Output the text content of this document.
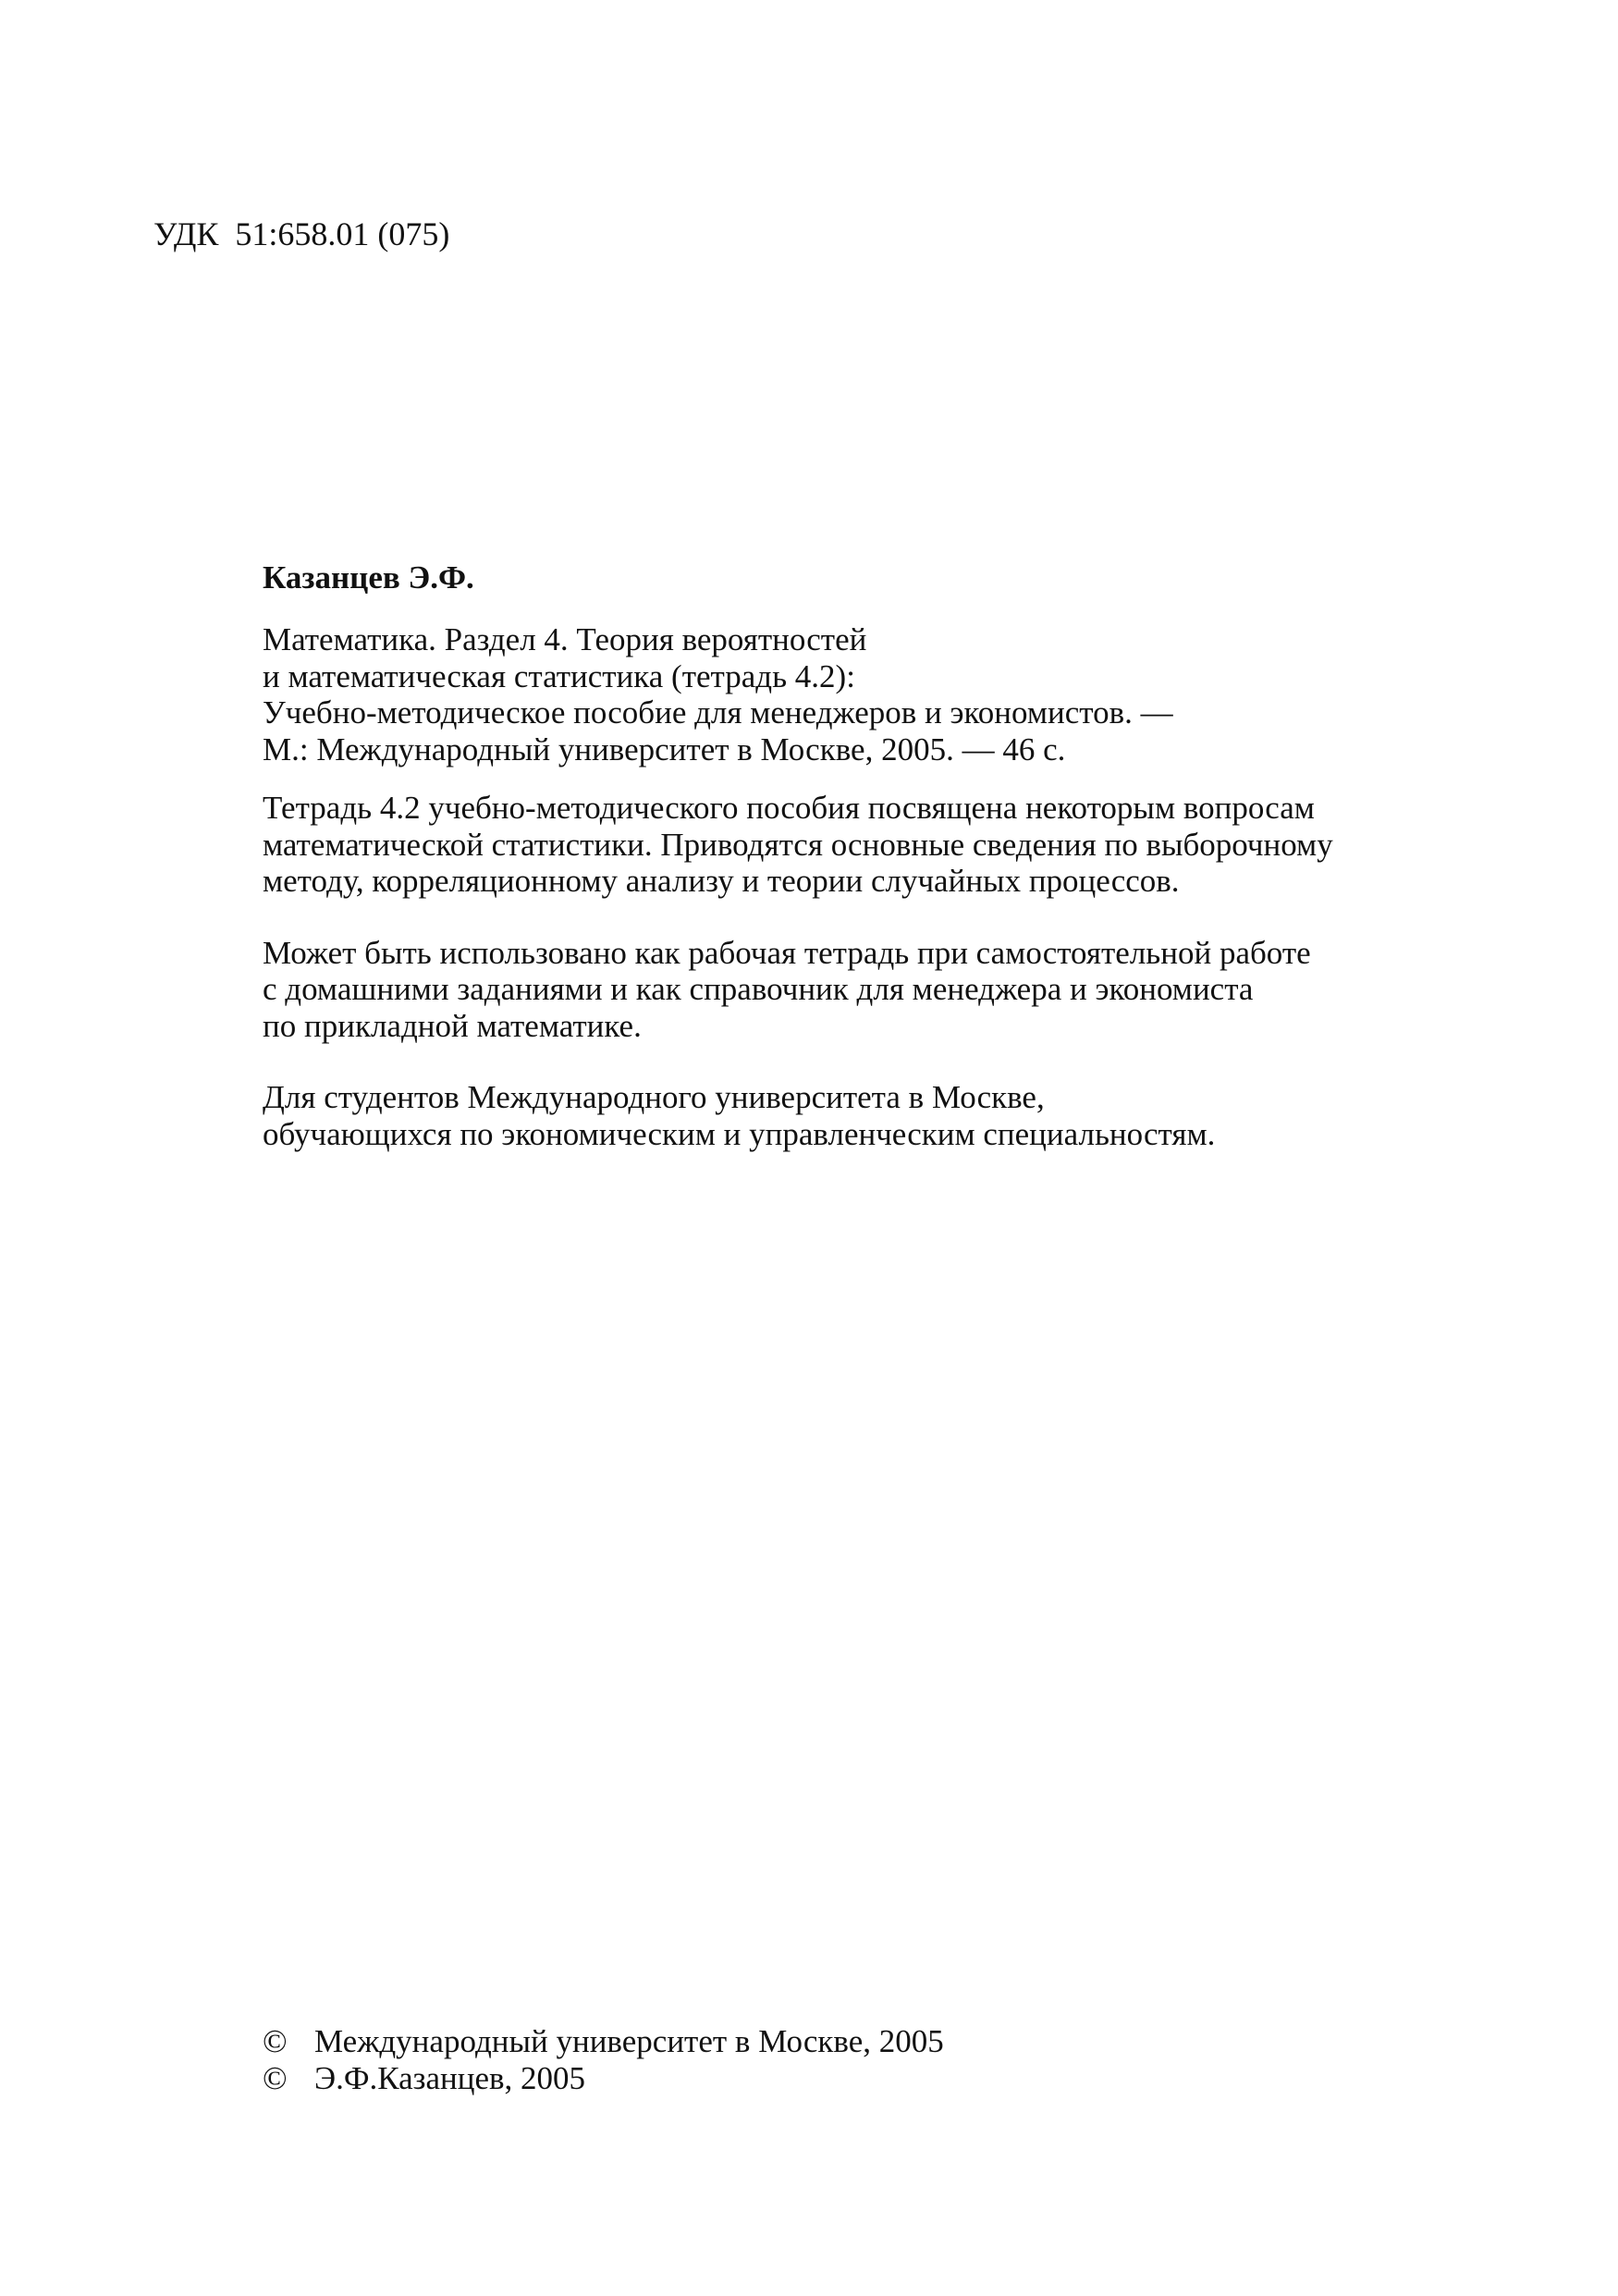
УДК  51:658.01 (075)
Казанцев Э.Ф.

Математика. Раздел 4. Теория вероятностей
и математическая статистика (тетрадь 4.2):
Учебно-методическое пособие для менеджеров и экономистов. —
М.: Международный университет в Москве, 2005. — 46 с.

Тетрадь 4.2 учебно-методического пособия посвящена некоторым вопросам
математической статистики. Приводятся основные сведения по выборочному
методу, корреляционному анализу и теории случайных процессов.

Может быть использовано как рабочая тетрадь при самостоятельной работе
с домашними заданиями и как справочник для менеджера и экономиста
по прикладной математике.

Для студентов Международного университета в Москве,
обучающихся по экономическим и управленческим специальностям.

© Международный университет в Москве, 2005
© Э.Ф.Казанцев, 2005
